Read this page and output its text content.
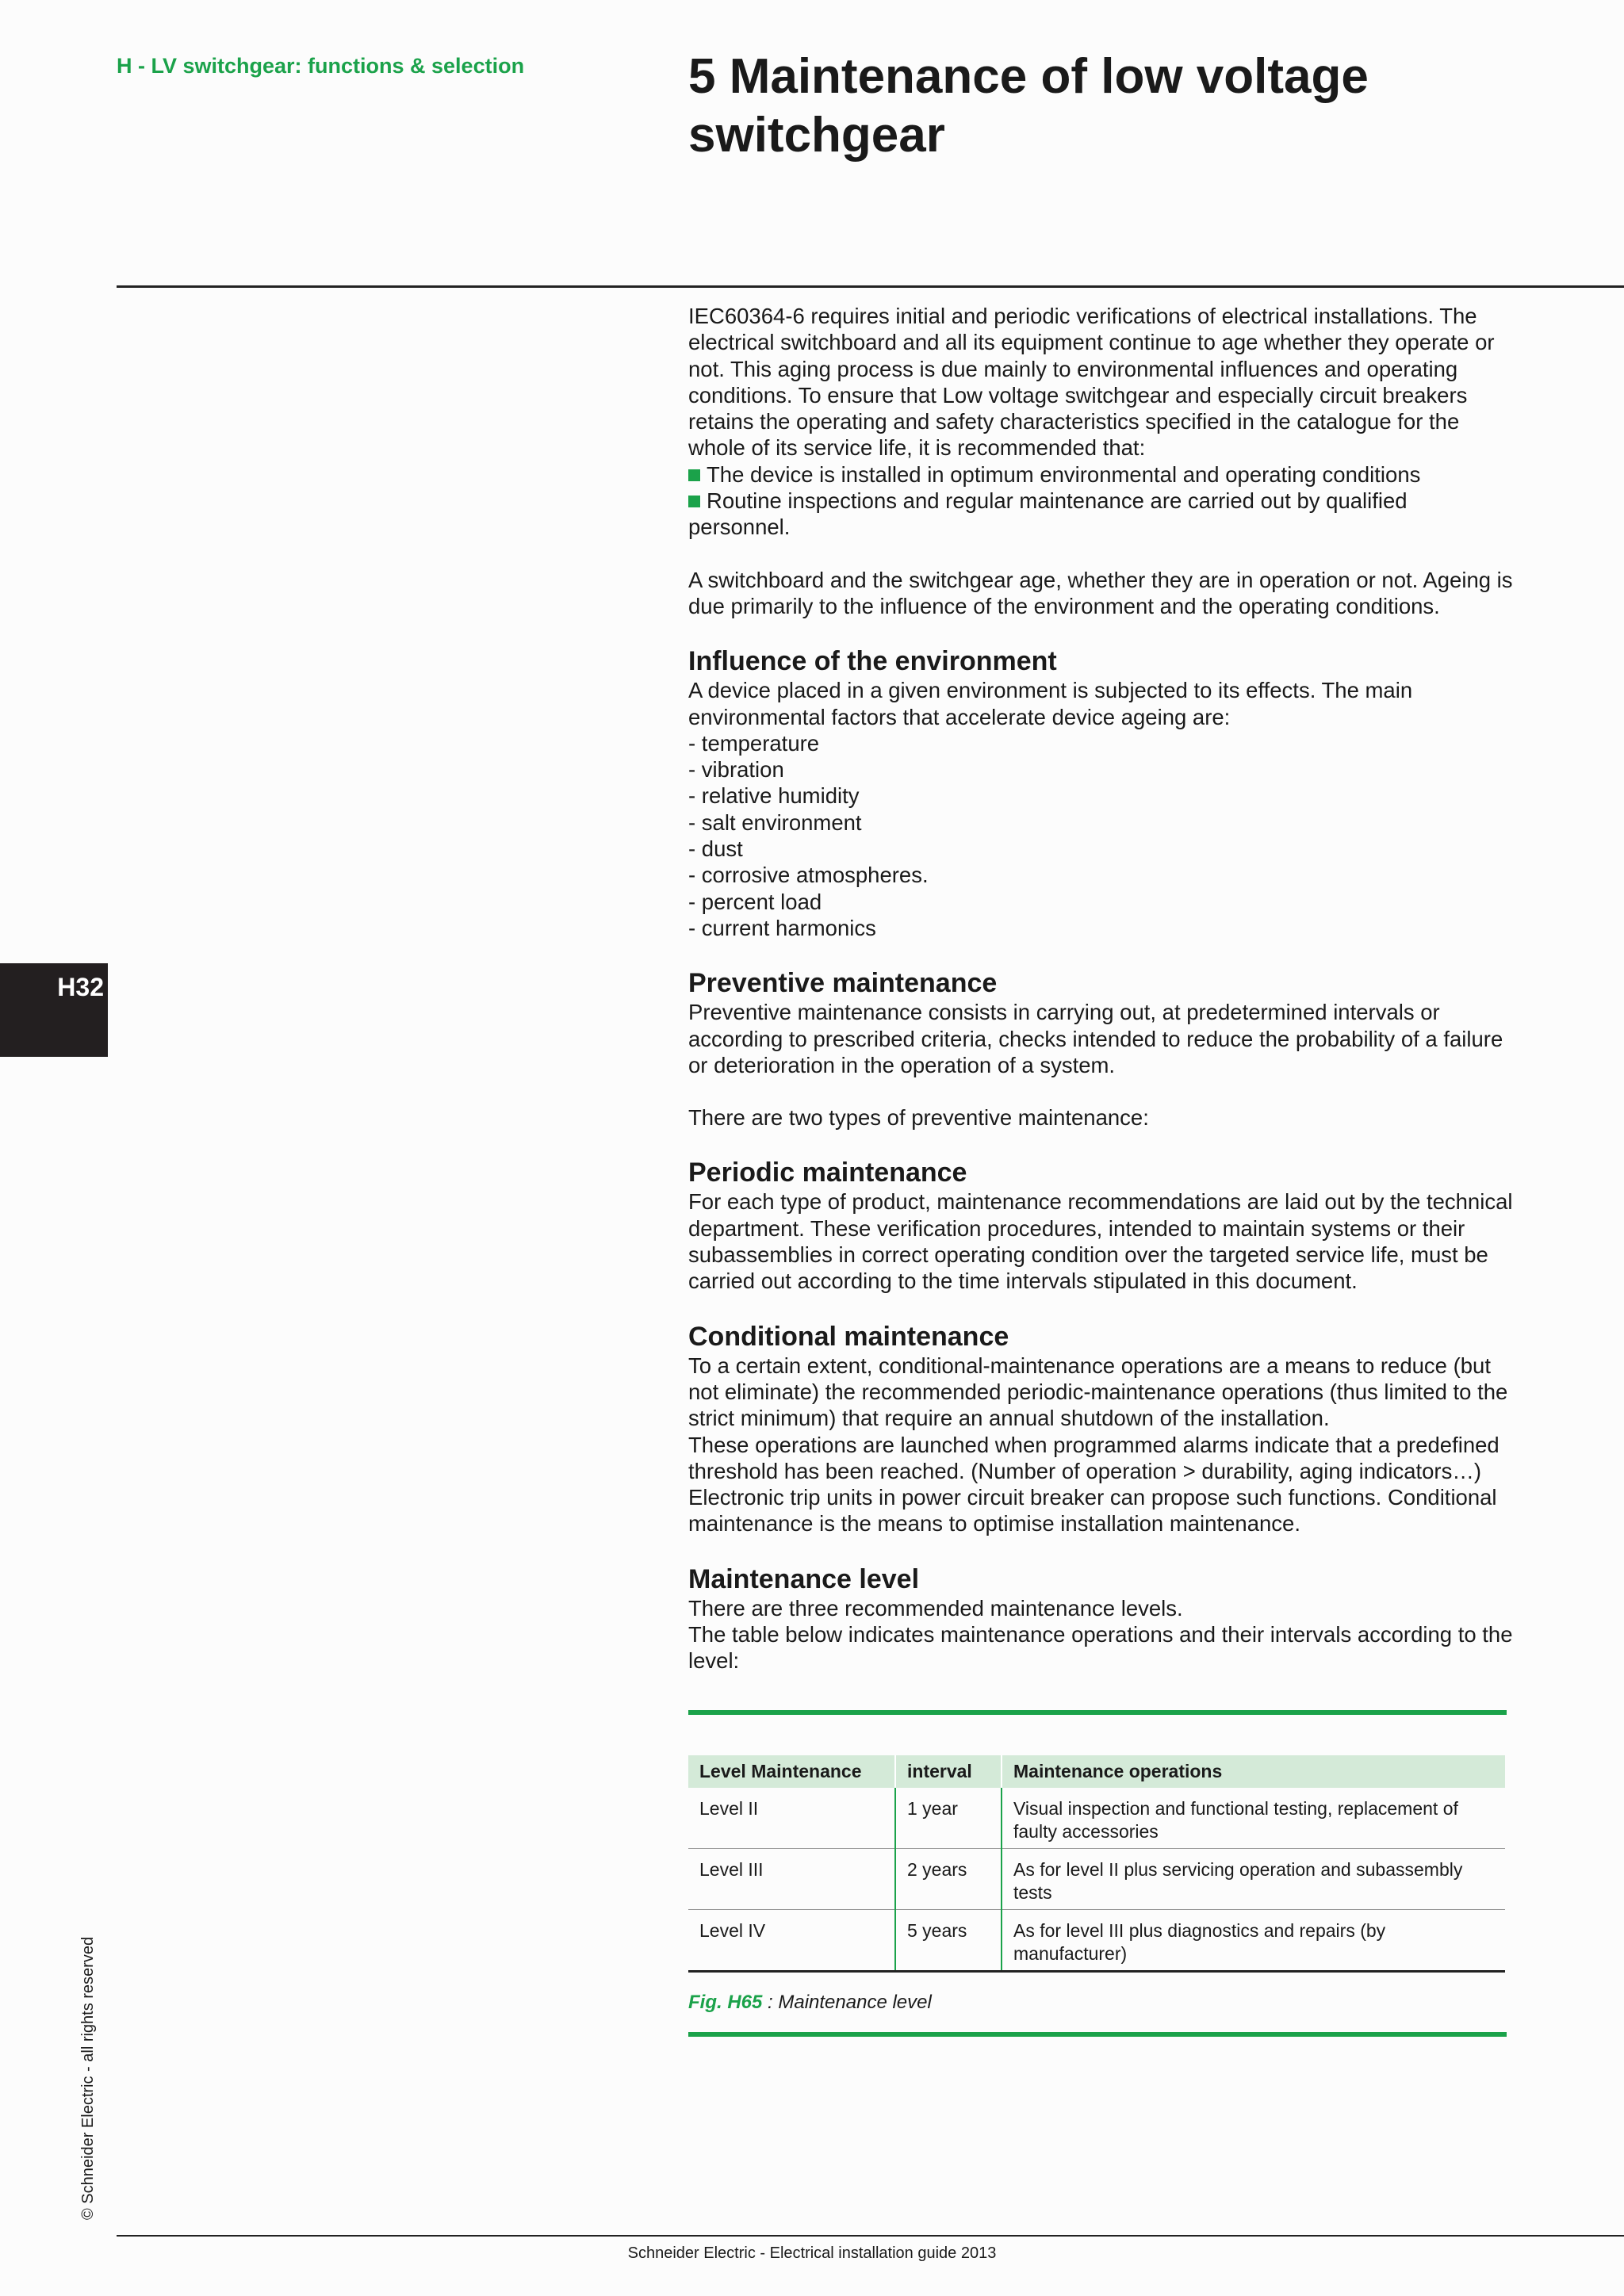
H - LV switchgear: functions & selection	5 Maintenance of low voltage switchgear
H32
© Schneider Electric - all rights reserved

IEC60364-6 requires initial and periodic verifications of electrical installations. The electrical switchboard and all its equipment continue to age whether they operate or not. This aging process is due mainly to environmental influences and operating conditions. To ensure that Low voltage switchgear and especially circuit breakers retains the operating and safety characteristics specified in the catalogue for the whole of its service life, it is recommended that:

The device is installed in optimum environmental and operating conditions
Routine inspections and regular maintenance are carried out by qualified personnel.

A switchboard and the switchgear age, whether they are in operation or not. Ageing is due primarily to the influence of the environment and the operating conditions.

Influence of the environment

A device placed in a given environment is subjected to its effects. The main environmental factors that accelerate device ageing are:

- temperature
- vibration
- relative humidity
- salt environment
- dust
- corrosive atmospheres.
- percent load
- current harmonics
Preventive maintenance

Preventive maintenance consists in carrying out, at predetermined intervals or according to prescribed criteria, checks intended to reduce the probability of a failure or deterioration in the operation of a system.

There are two types of preventive maintenance:

Periodic maintenance

For each type of product, maintenance recommendations are laid out by the technical department. These verification procedures, intended to maintain systems or their subassemblies in correct operating condition over the targeted service life, must be carried out according to the time intervals stipulated in this document.

Conditional maintenance

To a certain extent, conditional-maintenance operations are a means to reduce (but not eliminate) the recommended periodic-maintenance operations (thus limited to the strict minimum) that require an annual shutdown of the installation.

These operations are launched when programmed alarms indicate that a predefined threshold has been reached. (Number of operation > durability, aging indicators…)

Electronic trip units in power circuit breaker can propose such functions. Conditional maintenance is the means to optimise installation maintenance.

Maintenance level

There are three recommended maintenance levels.

The table below indicates maintenance operations and their intervals according to the level:

Level Maintenance	interval	Maintenance operations
Level II	1 year	Visual inspection and functional testing, replacement of faulty accessories
Level III	2 years	As for level II plus servicing operation and subassembly tests
Level IV	5 years	As for level III plus diagnostics and repairs (by manufacturer)
Fig. H65 : Maintenance level
Schneider Electric - Electrical installation guide 2013
